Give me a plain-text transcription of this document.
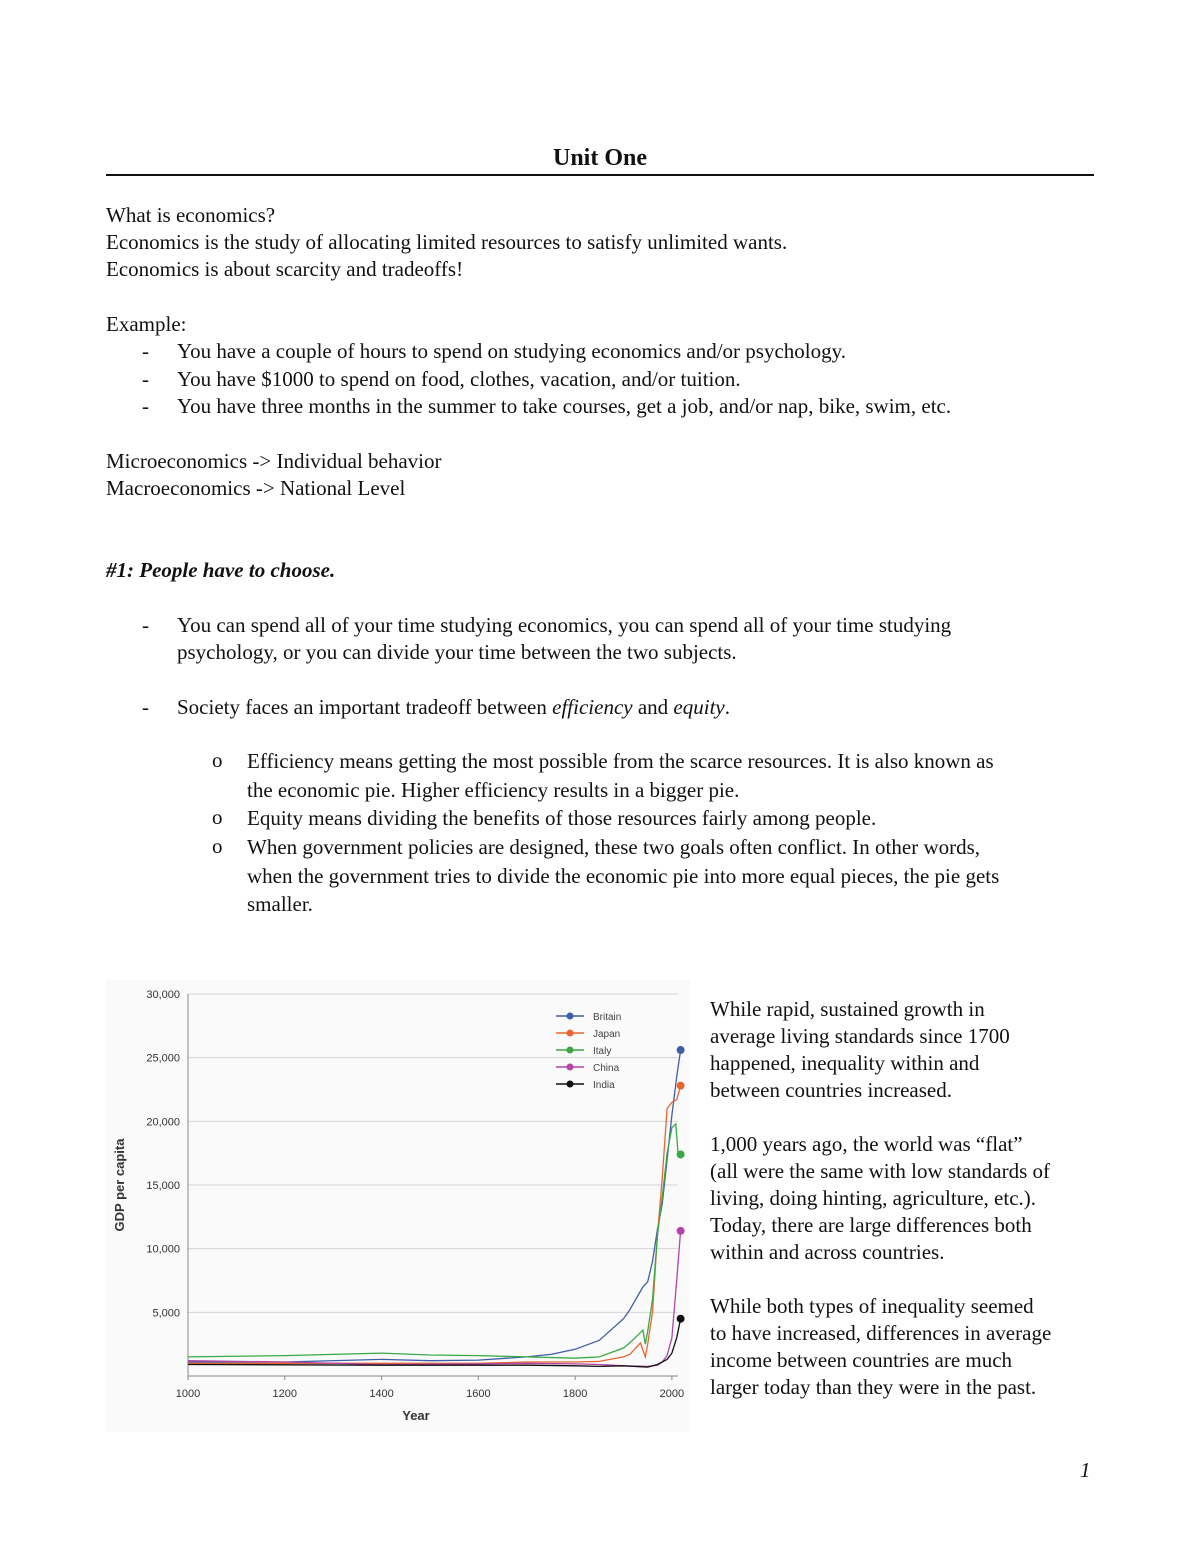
Unit One
What is economics?
Economics is the study of allocating limited resources to satisfy unlimited wants.
Economics is about scarcity and tradeoffs!
Example:
- You have a couple of hours to spend on studying economics and/or psychology.
- You have $1000 to spend on food, clothes, vacation, and/or tuition.
- You have three months in the summer to take courses, get a job, and/or nap, bike, swim, etc.
Microeconomics -> Individual behavior
Macroeconomics -> National Level
#1: People have to choose.
- You can spend all of your time studying economics, you can spend all of your time studying
psychology, or you can divide your time between the two subjects.
- Society faces an important tradeoff between efficiency and equity.
o Efficiency means getting the most possible from the scarce resources. It is also known as
the economic pie. Higher efficiency results in a bigger pie.
o Equity means dividing the benefits of those resources fairly among people.
o When government policies are designed, these two goals often conflict. In other words,
when the government tries to divide the economic pie into more equal pieces, the pie gets
smaller.
30,000
25,000
20,000
15,000
10,000
5,000
1000	1200	1400	1600	1800	2000
Year
GDP per capita
Britain
Japan
Italy
China
India
While rapid, sustained growth in
average living standards since 1700
happened, inequality within and
between countries increased.
1,000 years ago, the world was “flat”
(all were the same with low standards of
living, doing hinting, agriculture, etc.).
Today, there are large differences both
within and across countries.
While both types of inequality seemed
to have increased, differences in average
income between countries are much
larger today than they were in the past.
1
